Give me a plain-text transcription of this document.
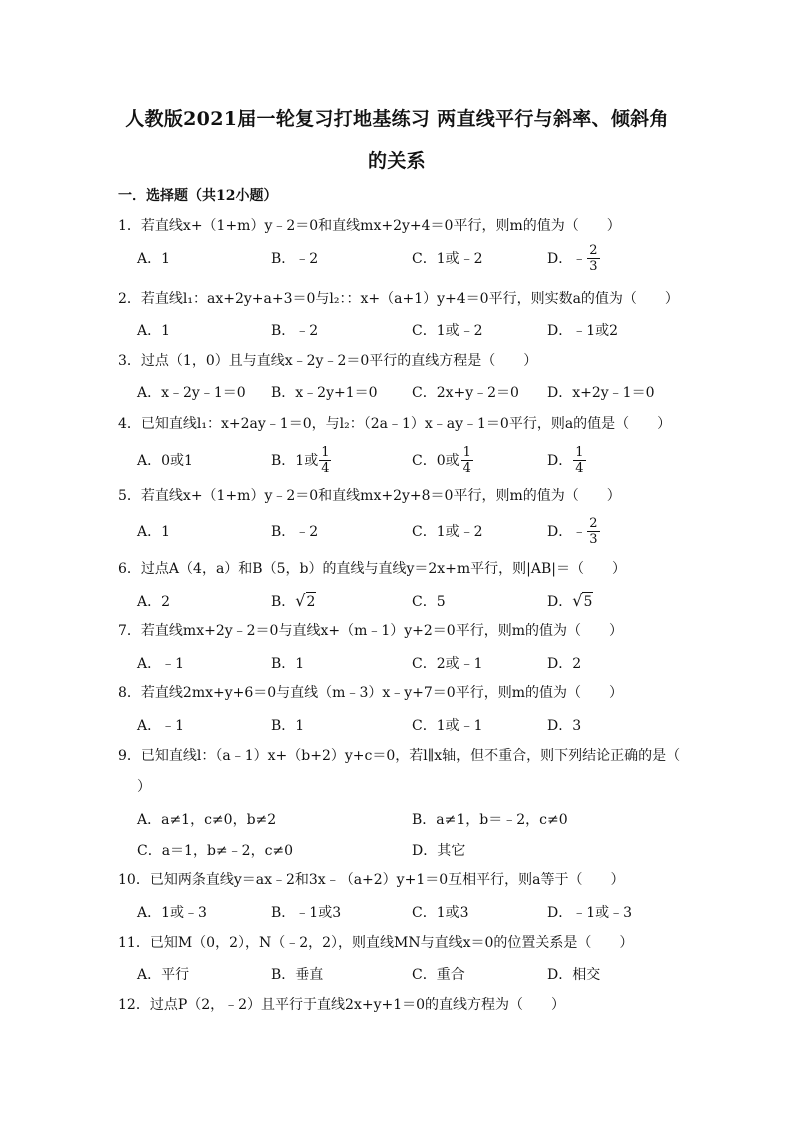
人教版2021届一轮复习打地基练习 两直线平行与斜率、倾斜角
的关系
一．选择题（共12小题）
1．若直线x+（1+m）y﹣2＝0和直线mx+2y+4＝0平行，则m的值为（　　）
A．1	B．﹣2	C．1或﹣2	D． ﹣ $\frac{2}{3}$
2．若直线l₁：ax+2y+a+3＝0与l₂：：x+（a+1）y+4＝0平行，则实数a的值为（　　）
A．1	B．﹣2	C．1或﹣2	D．﹣1或2
3．过点（1，0）且与直线x﹣2y﹣2＝0平行的直线方程是（　　）
A．x﹣2y﹣1＝0 B．x﹣2y+1＝0 C．2x+y﹣2＝0 D．x+2y﹣1＝0
4．已知直线l₁：x+2ay﹣1＝0，与l₂：（2a﹣1）x﹣ay﹣1＝0平行，则a的值是（　　）
A．0或1	B．1或 $\frac{1}{4}$	C．0或 $\frac{1}{4}$	D． $\frac{1}{4}$
5．若直线x+（1+m）y﹣2＝0和直线mx+2y+8＝0平行，则m的值为（　　）
A．1	B．﹣2	C．1或﹣2	D． ﹣ $\frac{2}{3}$
6．过点A（4，a）和B（5，b）的直线与直线y＝2x+m平行，则|AB|＝（　　）
A．2	B． √ 2	C．5	D． √ 5
7．若直线mx+2y﹣2＝0与直线x+（m﹣1）y+2＝0平行，则m的值为（　　）
A．﹣1	B．1	C．2或﹣1	D．2
8．若直线2mx+y+6＝0与直线（m﹣3）x﹣y+7＝0平行，则m的值为（　　）
A．﹣1	B．1	C．1或﹣1	D．3
9．已知直线l：（a﹣1）x+（b+2）y+c＝0，若l∥x轴，但不重合，则下列结论正确的是（
）
A．a≠1，c≠0，b≠2	B．a≠1，b＝﹣2，c≠0
C．a＝1，b≠﹣2，c≠0	D．其它
10．已知两条直线y＝ax﹣2和3x﹣（a+2）y+1＝0互相平行，则a等于（　　）
A．1或﹣3	B．﹣1或3	C．1或3	D．﹣1或﹣3
11．已知M（0，2），N（﹣2，2），则直线MN与直线x＝0的位置关系是（　　）
A．平行	B．垂直	C．重合	D．相交
12．过点P（2，﹣2）且平行于直线2x+y+1＝0的直线方程为（　　）
